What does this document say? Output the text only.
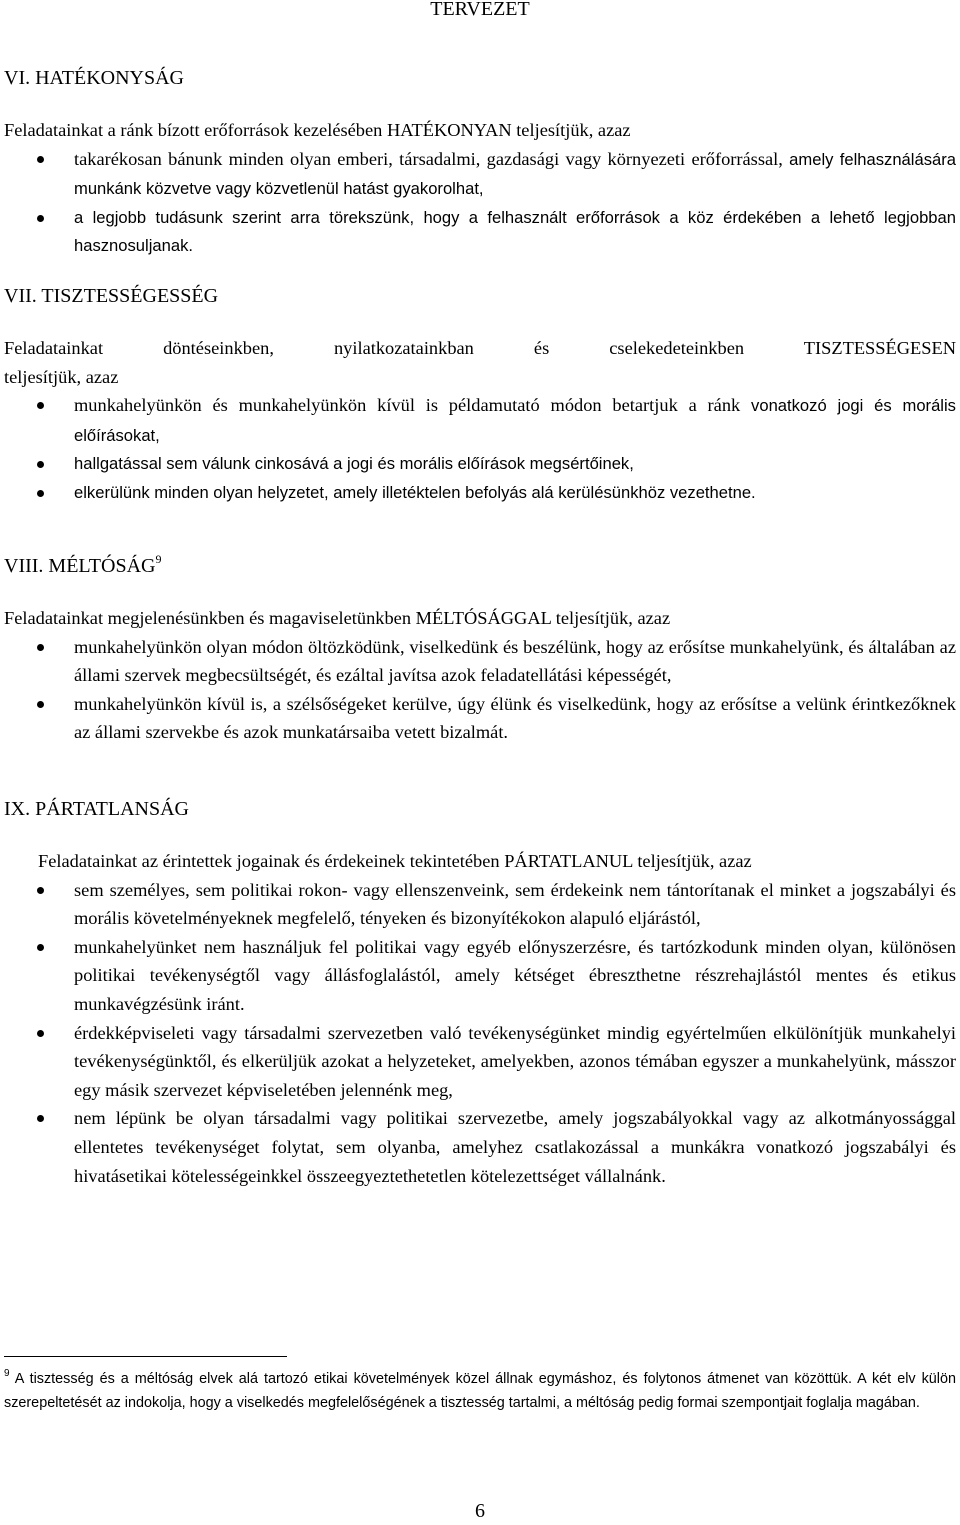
TERVEZET

VI. HATÉKONYSÁG

Feladatainkat a ránk bízott erőforrások kezelésében HATÉKONYAN teljesítjük, azaz

takarékosan bánunk minden olyan emberi, társadalmi, gazdasági vagy környezeti erőforrással, amely felhasználására munkánk közvetve vagy közvetlenül hatást gyakorolhat,
a legjobb tudásunk szerint arra törekszünk, hogy a felhasznált erőforrások a köz érdekében a lehető legjobban hasznosuljanak.

VII. TISZTESSÉGESSÉG

Feladatainkat döntéseinkben, nyilatkozatainkban és cselekedeteinkben TISZTESSÉGESEN

teljesítjük, azaz

munkahelyünkön és munkahelyünkön kívül is példamutató módon betartjuk a ránk vonatkozó jogi és morális előírásokat,
hallgatással sem válunk cinkosává a jogi és morális előírások megsértőinek,
elkerülünk minden olyan helyzetet, amely illetéktelen befolyás alá kerülésünkhöz vezethetne.

VIII. MÉLTÓSÁG$^9$

Feladatainkat megjelenésünkben és magaviseletünkben MÉLTÓSÁGGAL teljesítjük, azaz

munkahelyünkön olyan módon öltözködünk, viselkedünk és beszélünk, hogy az erősítse munkahelyünk, és általában az állami szervek megbecsültségét, és ezáltal javítsa azok feladatellátási képességét,
munkahelyünkön kívül is, a szélsőségeket kerülve, úgy élünk és viselkedünk, hogy az erősítse a velünk érintkezőknek az állami szervekbe és azok munkatársaiba vetett bizalmát.

IX. PÁRTATLANSÁG

Feladatainkat az érintettek jogainak és érdekeinek tekintetében PÁRTATLANUL teljesítjük, azaz

sem személyes, sem politikai rokon- vagy ellenszenveink, sem érdekeink nem tántorítanak el minket a jogszabályi és morális követelményeknek megfelelő, tényeken és bizonyítékokon alapuló eljárástól,
munkahelyünket nem használjuk fel politikai vagy egyéb előnyszerzésre, és tartózkodunk minden olyan, különösen politikai tevékenységtől vagy állásfoglalástól, amely kétséget ébreszthetne részrehajlástól mentes és etikus munkavégzésünk iránt.
érdekképviseleti vagy társadalmi szervezetben való tevékenységünket mindig egyértelműen elkülönítjük munkahelyi tevékenységünktől, és elkerüljük azokat a helyzeteket, amelyekben, azonos témában egyszer a munkahelyünk, másszor egy másik szervezet képviseletében jelennénk meg,
nem lépünk be olyan társadalmi vagy politikai szervezetbe, amely jogszabályokkal vagy az alkotmányossággal ellentetes tevékenységet folytat, sem olyanba, amelyhez csatlakozással a munkákra vonatkozó jogszabályi és hivatásetikai kötelességeinkkel összeegyeztethetetlen kötelezettséget vállalnánk.
$^9$ A tisztesség és a méltóság elvek alá tartozó etikai követelmények közel állnak egymáshoz, és folytonos átmenet van közöttük. A két elv külön szerepeltetését az indokolja, hogy a viselkedés megfelelőségének a tisztesség tartalmi, a méltóság pedig formai szempontjait foglalja magában.
6
